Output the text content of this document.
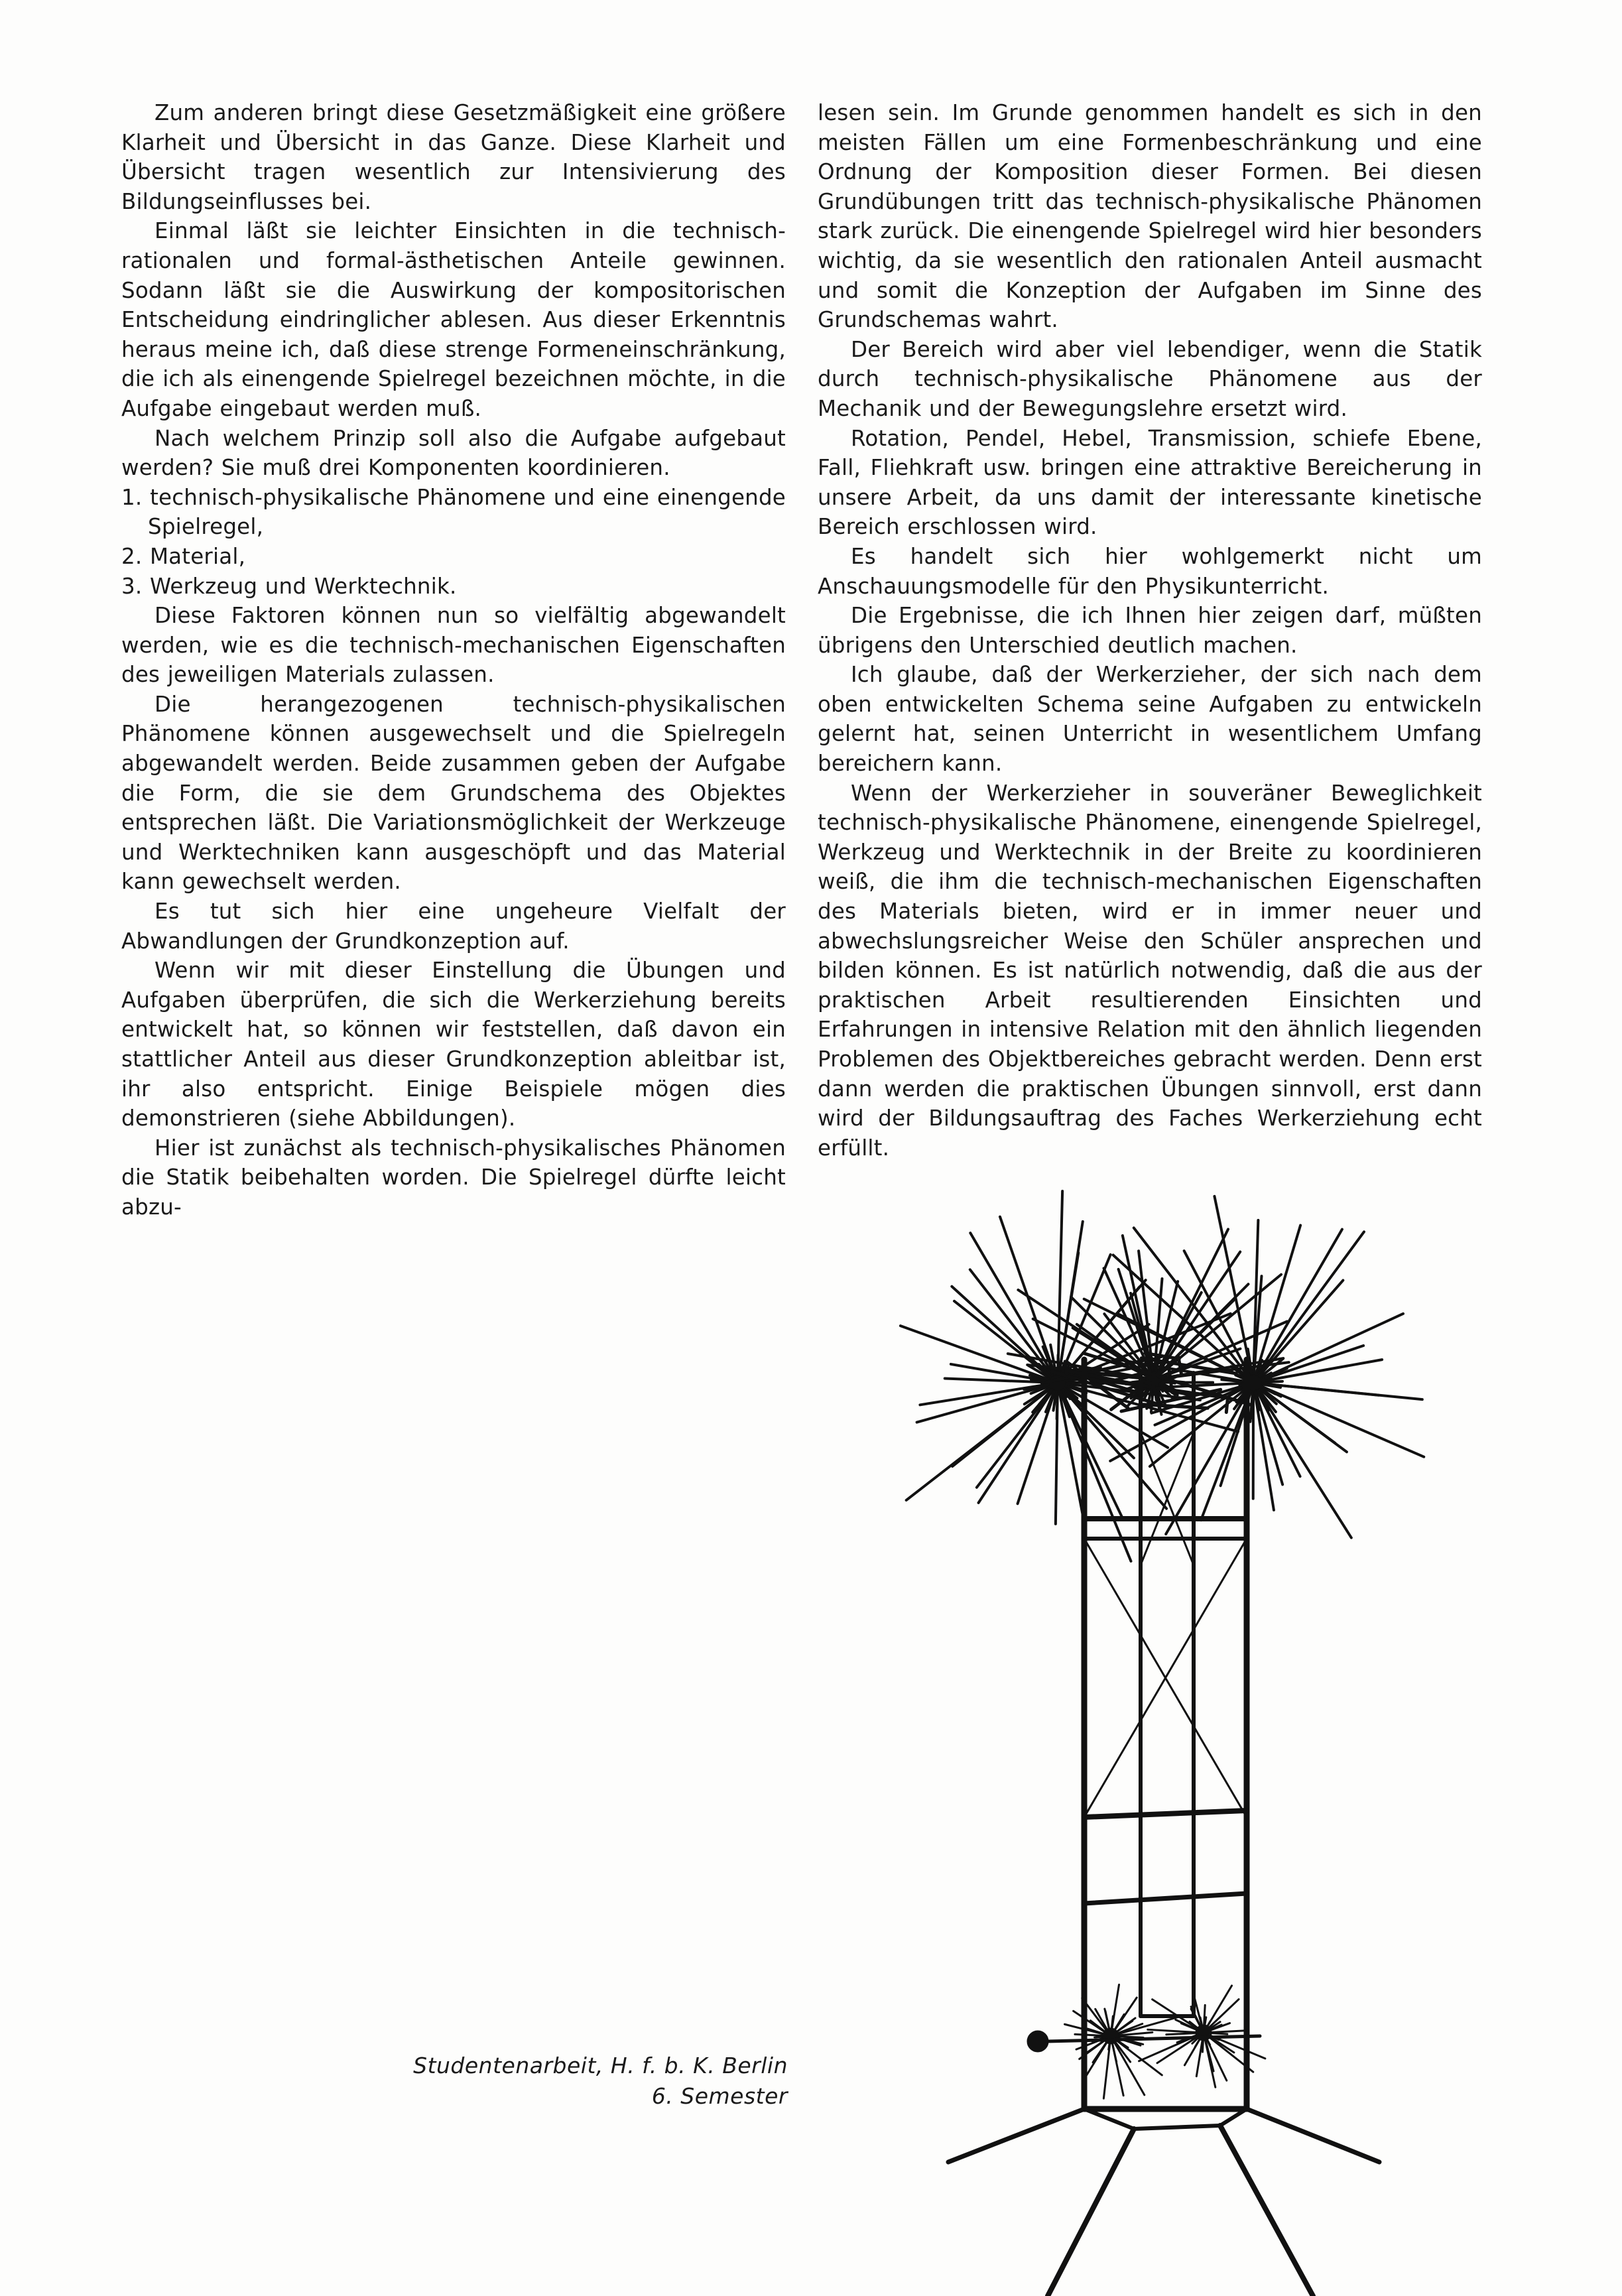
Zum anderen bringt diese Gesetzmäßigkeit eine größere Klarheit und Übersicht in das Ganze. Diese Klarheit und Übersicht tragen wesentlich zur Intensivierung des Bildungseinflusses bei.

Einmal läßt sie leichter Einsichten in die technisch-rationalen und formal-ästhetischen Anteile gewinnen. Sodann läßt sie die Auswirkung der kompositorischen Entscheidung eindringlicher ablesen. Aus dieser Erkenntnis heraus meine ich, daß diese strenge Formeneinschränkung, die ich als einengende Spielregel bezeichnen möchte, in die Aufgabe eingebaut werden muß.

Nach welchem Prinzip soll also die Aufgabe aufgebaut werden? Sie muß drei Komponenten koordinieren.

1. technisch-physikalische Phänomene und eine einengende Spielregel,

2. Material,

3. Werkzeug und Werktechnik.

Diese Faktoren können nun so vielfältig abgewandelt werden, wie es die technisch-mechanischen Eigenschaften des jeweiligen Materials zulassen.

Die herangezogenen technisch-physikalischen Phänomene können ausgewechselt und die Spielregeln abgewandelt werden. Beide zusammen geben der Aufgabe die Form, die sie dem Grundschema des Objektes entsprechen läßt. Die Variationsmöglichkeit der Werkzeuge und Werktechniken kann ausgeschöpft und das Material kann gewechselt werden.

Es tut sich hier eine ungeheure Vielfalt der Abwandlungen der Grundkonzeption auf.

Wenn wir mit dieser Einstellung die Übungen und Aufgaben überprüfen, die sich die Werkerziehung bereits entwickelt hat, so können wir feststellen, daß davon ein stattlicher Anteil aus dieser Grundkonzeption ableitbar ist, ihr also entspricht. Einige Beispiele mögen dies demonstrieren (siehe Abbildungen).

Hier ist zunächst als technisch-physikalisches Phänomen die Statik beibehalten worden. Die Spielregel dürfte leicht abzu-

lesen sein. Im Grunde genommen handelt es sich in den meisten Fällen um eine Formenbeschränkung und eine Ordnung der Komposition dieser Formen. Bei diesen Grundübungen tritt das technisch-physikalische Phänomen stark zurück. Die einengende Spielregel wird hier besonders wichtig, da sie wesentlich den rationalen Anteil ausmacht und somit die Konzeption der Aufgaben im Sinne des Grundschemas wahrt.

Der Bereich wird aber viel lebendiger, wenn die Statik durch technisch-physikalische Phänomene aus der Mechanik und der Bewegungslehre ersetzt wird.

Rotation, Pendel, Hebel, Transmission, schiefe Ebene, Fall, Fliehkraft usw. bringen eine attraktive Bereicherung in unsere Arbeit, da uns damit der interessante kinetische Bereich erschlossen wird.

Es handelt sich hier wohlgemerkt nicht um Anschauungsmodelle für den Physikunterricht.

Die Ergebnisse, die ich Ihnen hier zeigen darf, müßten übrigens den Unterschied deutlich machen.

Ich glaube, daß der Werkerzieher, der sich nach dem oben entwickelten Schema seine Aufgaben zu entwickeln gelernt hat, seinen Unterricht in wesentlichem Umfang bereichern kann.

Wenn der Werkerzieher in souveräner Beweglichkeit technisch-physikalische Phänomene, einengende Spielregel, Werkzeug und Werktechnik in der Breite zu koordinieren weiß, die ihm die technisch-mechanischen Eigenschaften des Materials bieten, wird er in immer neuer und abwechslungsreicher Weise den Schüler ansprechen und bilden können. Es ist natürlich notwendig, daß die aus der praktischen Arbeit resultierenden Einsichten und Erfahrungen in intensive Relation mit den ähnlich liegenden Problemen des Objektbereiches gebracht werden. Denn erst dann werden die praktischen Übungen sinnvoll, erst dann wird der Bildungsauftrag des Faches Werkerziehung echt erfüllt.

Studentenarbeit, H. f. b. K. Berlin
6. Semester
